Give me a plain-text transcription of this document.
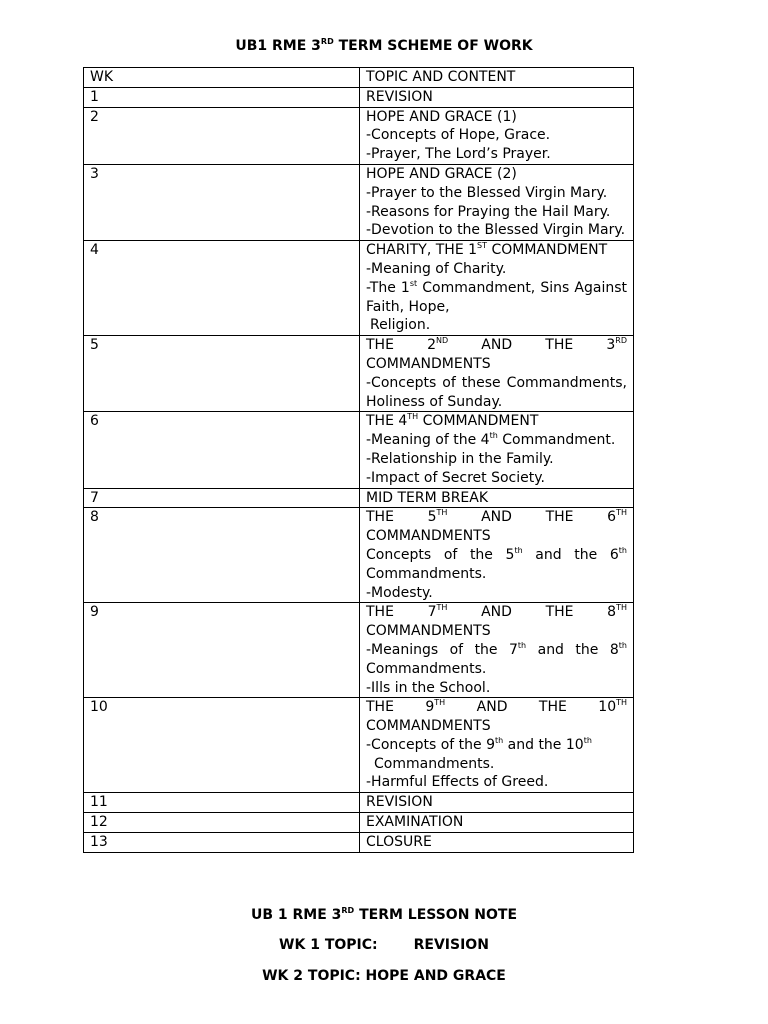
UB1 RME 3RD TERM SCHEME OF WORK
WK	TOPIC AND CONTENT
1	REVISION

2	HOPE AND GRACE (1)
-Concepts of Hope, Grace.
-Prayer, The Lord’s Prayer.

3	HOPE AND GRACE (2)
-Prayer to the Blessed Virgin Mary.
-Reasons for Praying the Hail Mary.
-Devotion to the Blessed Virgin Mary.

4	CHARITY, THE 1ST COMMANDMENT
-Meaning of Charity.
-The 1st Commandment, Sins Against
Faith, Hope,
Religion.

5	THE 2ND AND THE 3RD
COMMANDMENTS
-Concepts of these Commandments,
Holiness of Sunday.

6	THE 4TH COMMANDMENT
-Meaning of the 4th Commandment.
-Relationship in the Family.
-Impact of Secret Society.

7	MID TERM BREAK

8	THE 5TH AND THE 6TH
COMMANDMENTS
Concepts of the 5th and the 6th
Commandments.
-Modesty.

9	THE 7TH AND THE 8TH
COMMANDMENTS
-Meanings of the 7th and the 8th
Commandments.
-Ills in the School.

10	THE 9TH AND THE 10TH
COMMANDMENTS
-Concepts of the 9th and the 10th
Commandments.
-Harmful Effects of Greed.

11	REVISION

12	EXAMINATION

13	CLOSURE
UB 1 RME 3RD TERM LESSON NOTE

WK 1 TOPIC:	REVISION

WK 2 TOPIC: HOPE AND GRACE
